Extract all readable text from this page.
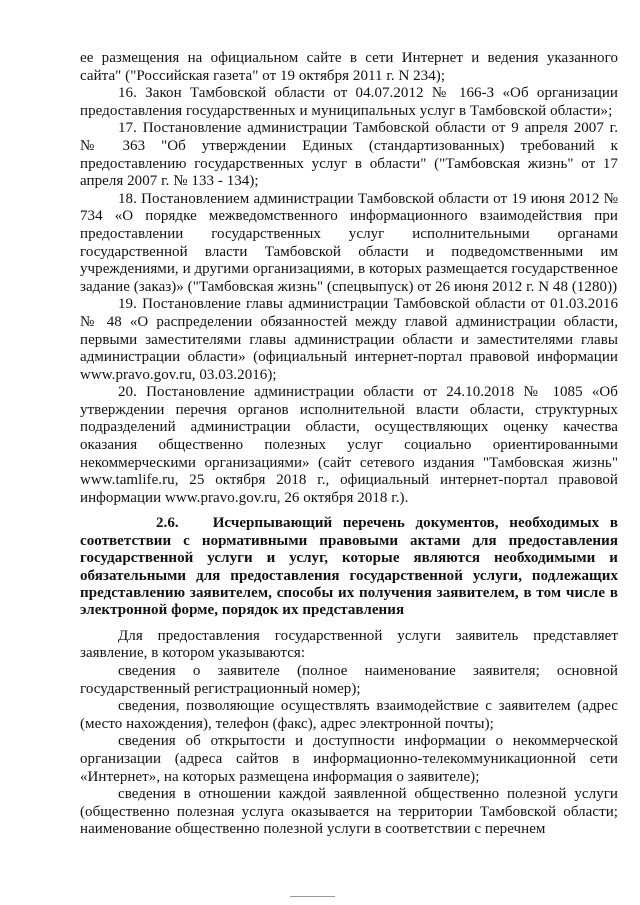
ее размещения на официальном сайте в сети Интернет и ведения указанного сайта" ("Российская газета" от 19 октября 2011 г. N 234);

16. Закон Тамбовской области от 04.07.2012 № 166-З «Об организации предоставления государственных и муниципальных услуг в Тамбовской области»;

17. Постановление администрации Тамбовской области от 9 апреля 2007 г. № 363 "Об утверждении Единых (стандартизованных) требований к предоставлению государственных услуг в области" ("Тамбовская жизнь" от 17 апреля 2007 г. № 133 - 134);

18. Постановлением администрации Тамбовской области от 19 июня 2012 № 734 «О порядке межведомственного информационного взаимодействия при предоставлении государственных услуг исполнительными органами государственной власти Тамбовской области и подведомственными им учреждениями, и другими организациями, в которых размещается государственное задание (заказ)» ("Тамбовская жизнь" (спецвыпуск) от 26 июня 2012 г. N 48 (1280))

19. Постановление главы администрации Тамбовской области от 01.03.2016 № 48 «О распределении обязанностей между главой администрации области, первыми заместителями главы администрации области и заместителями главы администрации области» (официальный интернет-портал правовой информации www.pravo.gov.ru, 03.03.2016);

20. Постановление администрации области от 24.10.2018 № 1085 «Об утверждении перечня органов исполнительной власти области, структурных подразделений администрации области, осуществляющих оценку качества оказания общественно полезных услуг социально ориентированными некоммерческими организациями» (сайт сетевого издания "Тамбовская жизнь" www.tamlife.ru, 25 октября 2018 г., официальный интернет-портал правовой информации www.pravo.gov.ru, 26 октября 2018 г.).

2.6. Исчерпывающий перечень документов, необходимых в соответствии с нормативными правовыми актами для предоставления государственной услуги и услуг, которые являются необходимыми и обязательными для предоставления государственной услуги, подлежащих представлению заявителем, способы их получения заявителем, в том числе в электронной форме, порядок их представления

Для предоставления государственной услуги заявитель представляет заявление, в котором указываются:

сведения о заявителе (полное наименование заявителя; основной государственный регистрационный номер);

сведения, позволяющие осуществлять взаимодействие с заявителем (адрес (место нахождения), телефон (факс), адрес электронной почты);

сведения об открытости и доступности информации о некоммерческой организации (адреса сайтов в информационно-телекоммуникационной сети «Интернет», на которых размещена информация о заявителе);

сведения в отношении каждой заявленной общественно полезной услуги (общественно полезная услуга оказывается на территории Тамбовской области; наименование общественно полезной услуги в соответствии с перечнем
